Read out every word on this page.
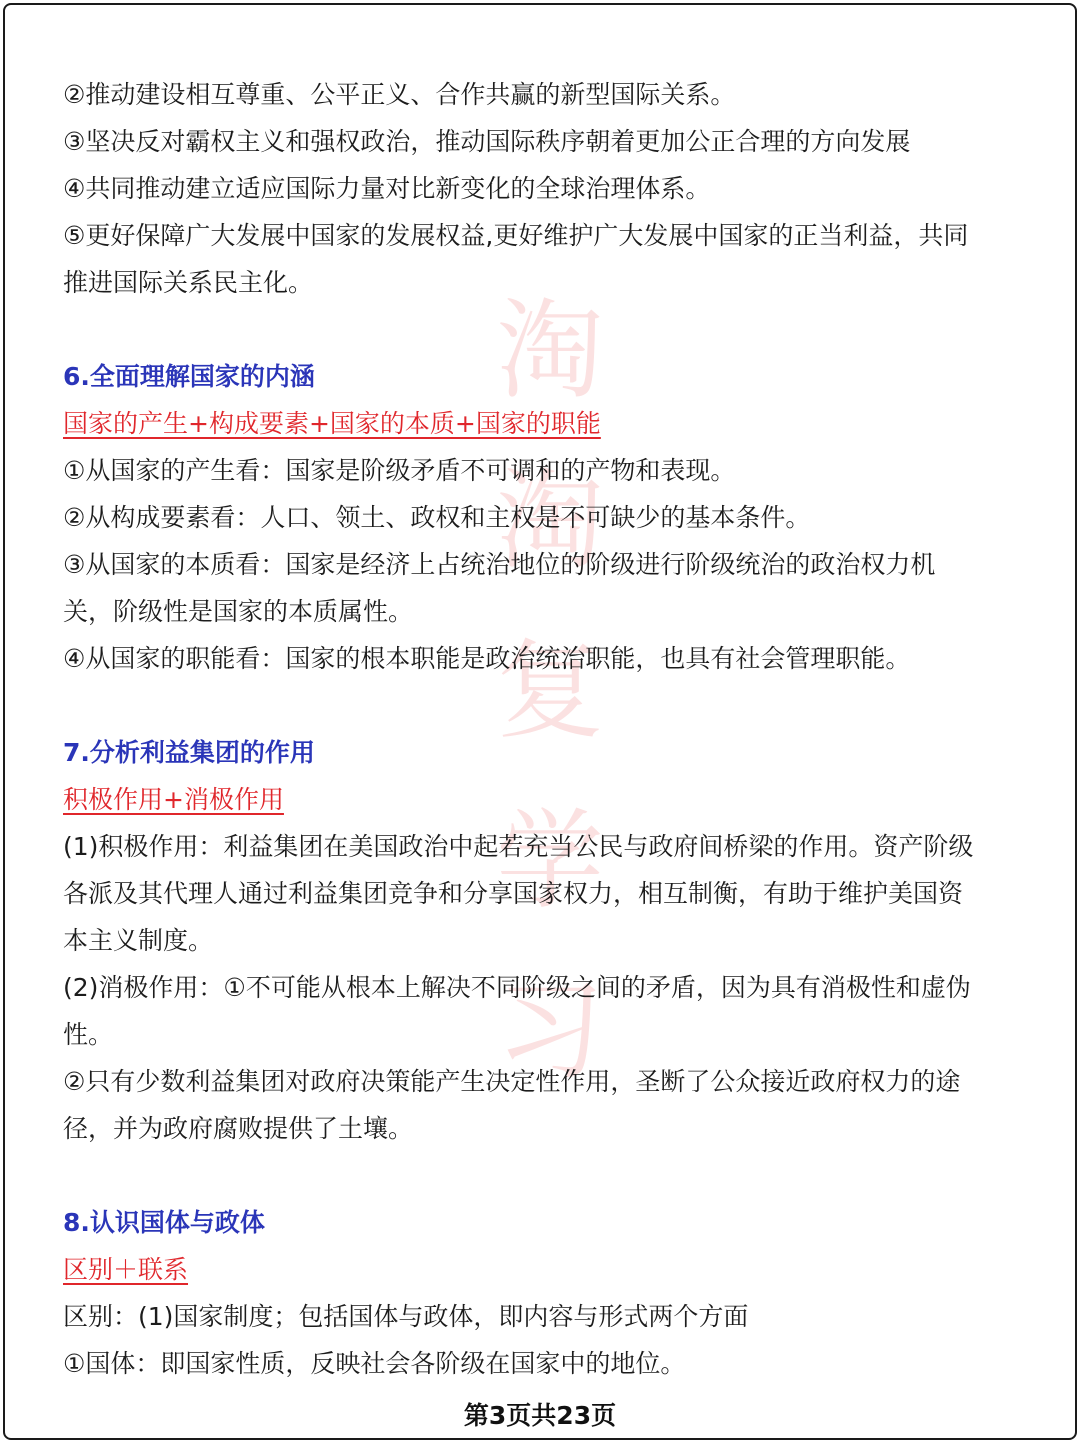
淘
淘
复
学
习
②推动建设相互尊重、公平正义、合作共赢的新型国际关系。
③坚决反对霸权主义和强权政治，推动国际秩序朝着更加公正合理的方向发展
④共同推动建立适应国际力量对比新变化的全球治理体系。
⑤更好保障广大发展中国家的发展权益,更好维护广大发展中国家的正当利益，共同
推进国际关系民主化。
6.全面理解国家的内涵
国家的产生+构成要素+国家的本质+国家的职能
①从国家的产生看：国家是阶级矛盾不可调和的产物和表现。
②从构成要素看：人口、领土、政权和主权是不可缺少的基本条件。
③从国家的本质看：国家是经济上占统治地位的阶级进行阶级统治的政治权力机
关，阶级性是国家的本质属性。
④从国家的职能看：国家的根本职能是政治统治职能，也具有社会管理职能。
7.分析利益集团的作用
积极作用+消极作用
(1)积极作用：利益集团在美国政治中起若充当公民与政府间桥梁的作用。资产阶级
各派及其代理人通过利益集团竞争和分享国家权力，相互制衡，有助于维护美国资
本主义制度。
(2)消极作用：①不可能从根本上解决不同阶级之间的矛盾，因为具有消极性和虚伪
性。
②只有少数利益集团对政府决策能产生决定性作用，圣断了公众接近政府权力的途
径，并为政府腐败提供了土壤。
8.认识国体与政体
区别＋联系
区别：(1)国家制度；包括国体与政体，即内容与形式两个方面
①国体：即国家性质，反映社会各阶级在国家中的地位。
第3页共23页
